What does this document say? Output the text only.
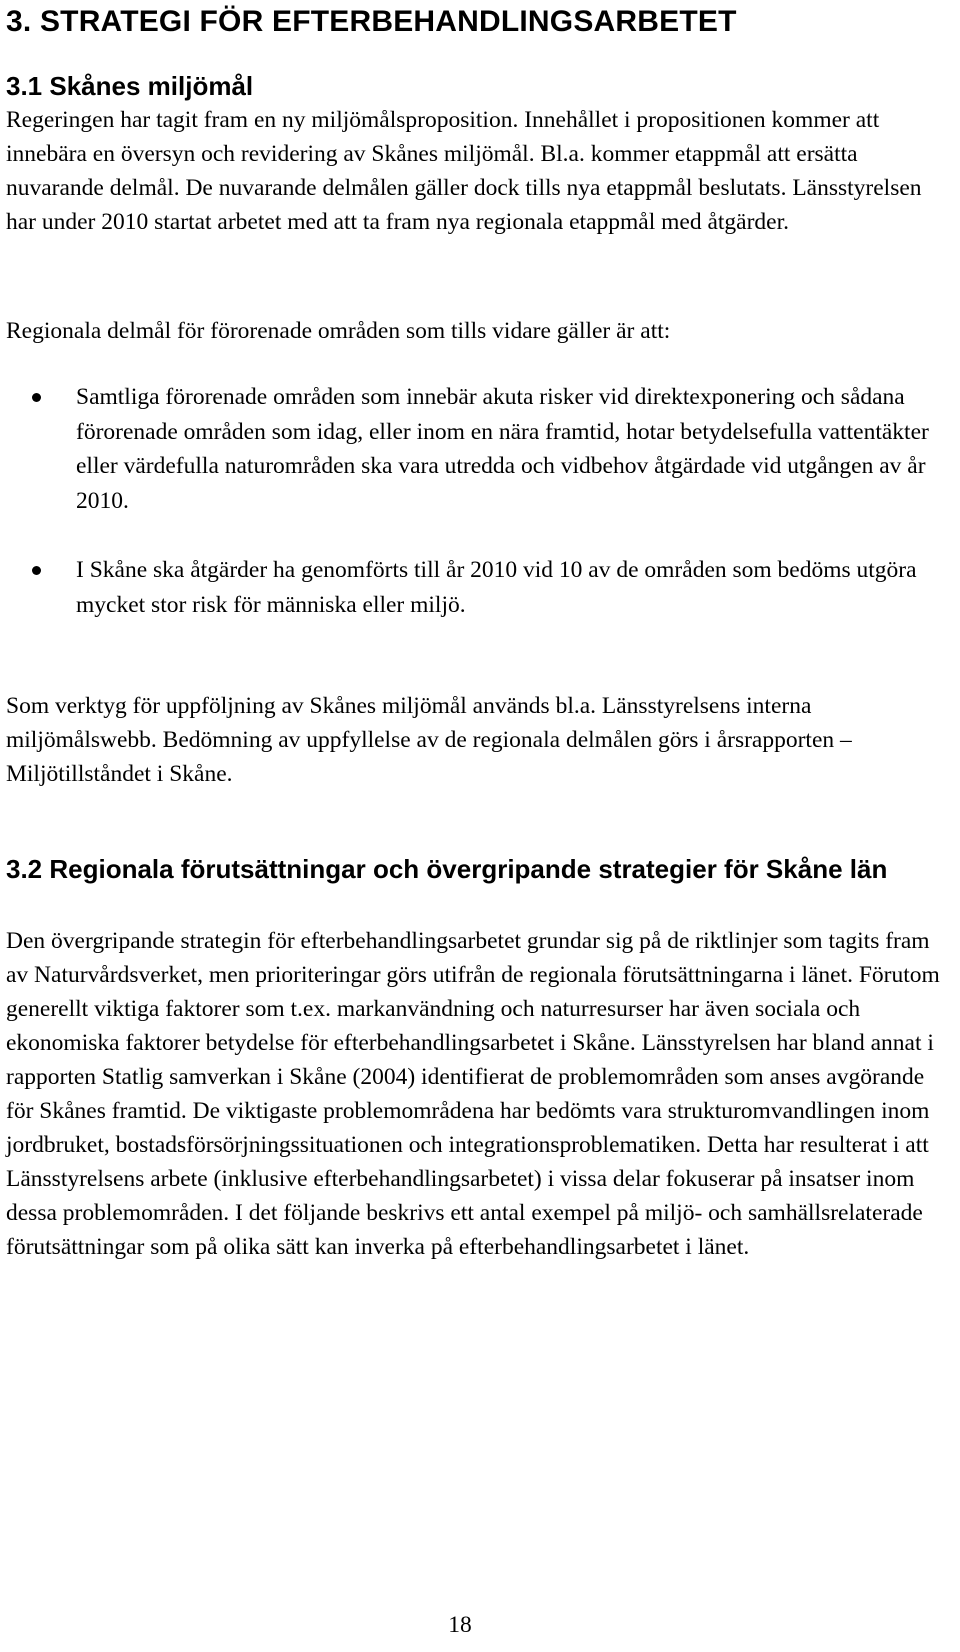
3. STRATEGI FÖR EFTERBEHANDLINGSARBETET
3.1 Skånes miljömål

Regeringen har tagit fram en ny miljömålsproposition. Innehållet i propositionen kommer att innebära en översyn och revidering av Skånes miljömål. Bl.a. kommer etappmål att ersätta nuvarande delmål. De nuvarande delmålen gäller dock tills nya etappmål beslutats. Länsstyrelsen har under 2010 startat arbetet med att ta fram nya regionala etappmål med åtgärder.

Regionala delmål för förorenade områden som tills vidare gäller är att:

Samtliga förorenade områden som innebär akuta risker vid direktexponering och sådana förorenade områden som idag, eller inom en nära framtid, hotar betydelsefulla vattentäkter eller värdefulla naturområden ska vara utredda och vidbehov åtgärdade vid utgången av år 2010.
I Skåne ska åtgärder ha genomförts till år 2010 vid 10 av de områden som bedöms utgöra mycket stor risk för människa eller miljö.

Som verktyg för uppföljning av Skånes miljömål används bl.a. Länsstyrelsens interna miljömålswebb. Bedömning av uppfyllelse av de regionala delmålen görs i årsrapporten – Miljötillståndet i Skåne.

3.2 Regionala förutsättningar och övergripande strategier för Skåne län

Den övergripande strategin för efterbehandlingsarbetet grundar sig på de riktlinjer som tagits fram av Naturvårdsverket, men prioriteringar görs utifrån de regionala förutsättningarna i länet. Förutom generellt viktiga faktorer som t.ex. markanvändning och naturresurser har även sociala och ekonomiska faktorer betydelse för efterbehandlingsarbetet i Skåne. Länsstyrelsen har bland annat i rapporten Statlig samverkan i Skåne (2004) identifierat de problemområden som anses avgörande för Skånes framtid. De viktigaste problemområdena har bedömts vara strukturomvandlingen inom jordbruket, bostadsförsörjningssituationen och integrationsproblematiken. Detta har resulterat i att Länsstyrelsens arbete (inklusive efterbehandlingsarbetet) i vissa delar fokuserar på insatser inom dessa problemområden. I det följande beskrivs ett antal exempel på miljö- och samhällsrelaterade förutsättningar som på olika sätt kan inverka på efterbehandlingsarbetet i länet.

18
